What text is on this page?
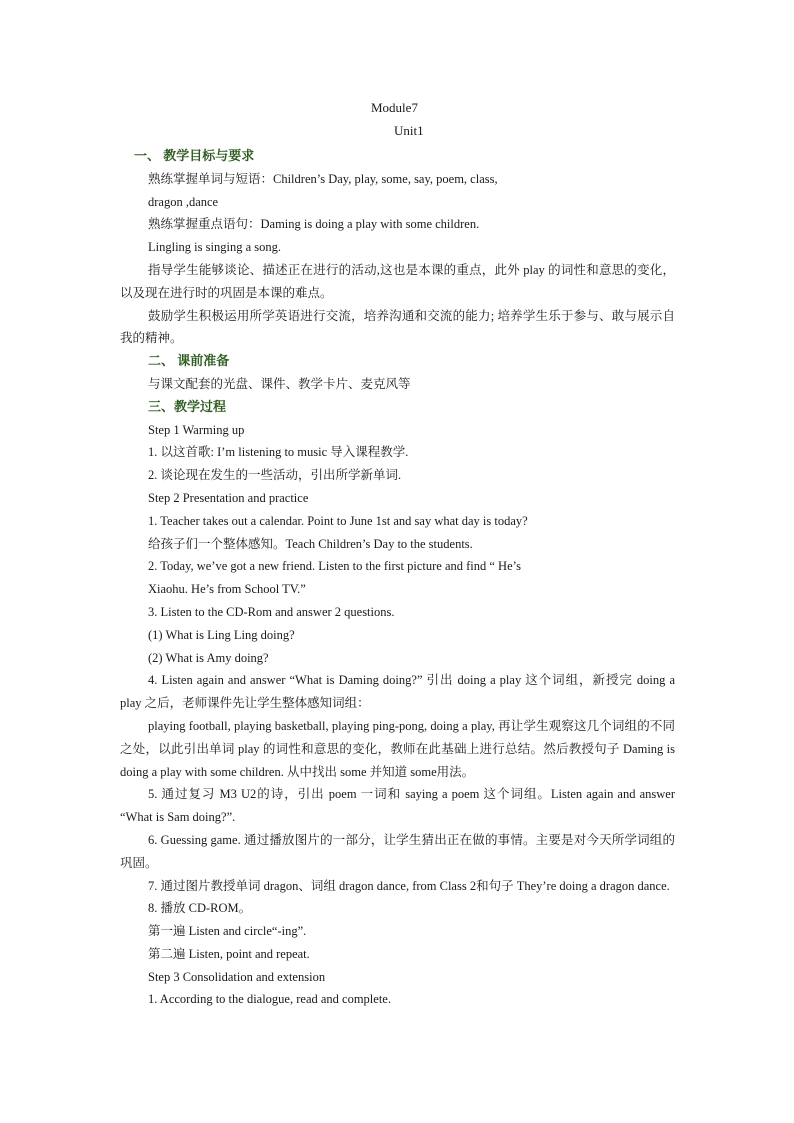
Module7
Unit1
一、 教学目标与要求
熟练掌握单词与短语：Children’s Day, play, some, say, poem, class,
dragon ,dance
熟练掌握重点语句：Daming is doing a play with some children.
Lingling is singing a song.
指导学生能够谈论、描述正在进行的活动,这也是本课的重点，此外 play 的词性和意思的变化，以及现在进行时的巩固是本课的难点。
鼓励学生积极运用所学英语进行交流，培养沟通和交流的能力; 培养学生乐于参与、敢与展示自我的精神。
二、 课前准备
与课文配套的光盘、课件、教学卡片、麦克风等
三、教学过程
Step 1 Warming up
1. 以这首歌: I’m listening to music 导入课程教学.
2. 谈论现在发生的一些活动，引出所学新单词.
Step 2 Presentation and practice
1. Teacher takes out a calendar. Point to June 1st and say what day is today?
给孩子们一个整体感知。Teach Children’s Day to the students.
2. Today, we’ve got a new friend. Listen to the first picture and find “ He’s
Xiaohu. He’s from School TV.”
3. Listen to the CD-Rom and answer 2 questions.
(1) What is Ling Ling doing?
(2) What is Amy doing?
4. Listen again and answer “What is Daming doing?” 引出 doing a play 这个词组，新授完 doing a play 之后，老师课件先让学生整体感知词组：
playing football, playing basketball, playing ping-pong, doing a play, 再让学生观察这几个词组的不同之处，以此引出单词 play 的词性和意思的变化，教师在此基础上进行总结。然后教授句子 Daming is doing a play with some children. 从中找出 some 并知道 some用法。
5. 通过复习 M3 U2的诗，引出 poem 一词和 saying a poem 这个词组。Listen again and answer “What is Sam doing?”.
6. Guessing game. 通过播放图片的一部分，让学生猜出正在做的事情。主要是对今天所学词组的巩固。
7. 通过图片教授单词 dragon、词组 dragon dance, from Class 2和句子 They’re doing a dragon dance.
8. 播放 CD-ROM。
第一遍 Listen and circle“-ing”.
第二遍 Listen, point and repeat.
Step 3 Consolidation and extension
1. According to the dialogue, read and complete.
